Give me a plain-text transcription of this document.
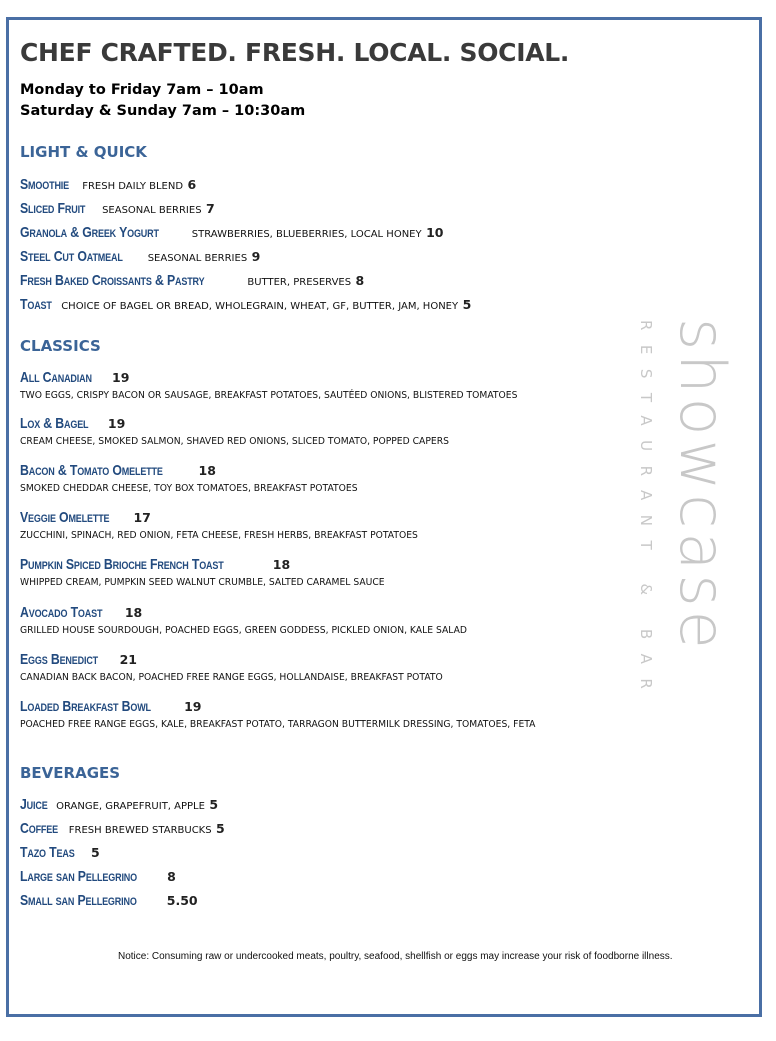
CHEF CRAFTED. FRESH. LOCAL. SOCIAL.
Monday to Friday 7am – 10am
Saturday & Sunday 7am – 10:30am
LIGHT & QUICK
Smoothie FRESH DAILY BLEND 6
Sliced Fruit SEASONAL BERRIES 7
Granola & Greek Yogurt	STRAWBERRIES, BLUEBERRIES, LOCAL HONEY 10
Steel Cut Oatmeal SEASONAL BERRIES 9
Fresh Baked Croissants & Pastry	BUTTER, PRESERVES 8
Toast CHOICE OF BAGEL OR BREAD, WHOLEGRAIN, WHEAT, GF, BUTTER, JAM, HONEY 5
CLASSICS
All Canadian 19
TWO EGGS, CRISPY BACON OR SAUSAGE, BREAKFAST POTATOES, SAUTÉED ONIONS, BLISTERED TOMATOES
Lox & Bagel 19
CREAM CHEESE, SMOKED SALMON, SHAVED RED ONIONS, SLICED TOMATO, POPPED CAPERS
Bacon & Tomato Omelette	18
SMOKED CHEDDAR CHEESE, TOY BOX TOMATOES, BREAKFAST POTATOES
Veggie Omelette 17
ZUCCHINI, SPINACH, RED ONION, FETA CHEESE, FRESH HERBS, BREAKFAST POTATOES
Pumpkin Spiced Brioche French Toast	18
WHIPPED CREAM, PUMPKIN SEED WALNUT CRUMBLE, SALTED CARAMEL SAUCE
Avocado Toast 18
GRILLED HOUSE SOURDOUGH, POACHED EGGS, GREEN GODDESS, PICKLED ONION, KALE SALAD
Eggs Benedict 21
CANADIAN BACK BACON, POACHED FREE RANGE EGGS, HOLLANDAISE, BREAKFAST POTATO
Loaded Breakfast Bowl	19
POACHED FREE RANGE EGGS, KALE, BREAKFAST POTATO, TARRAGON BUTTERMILK DRESSING, TOMATOES, FETA
BEVERAGES
Juice ORANGE, GRAPEFRUIT, APPLE 5
Coffee FRESH BREWED STARBUCKS 5
Tazo Teas 5
Large san Pellegrino 8
Small san Pellegrino 5.50
RESTAURANT & BAR showcase
Notice: Consuming raw or undercooked meats, poultry, seafood, shellfish or eggs may increase your risk of foodborne illness.
